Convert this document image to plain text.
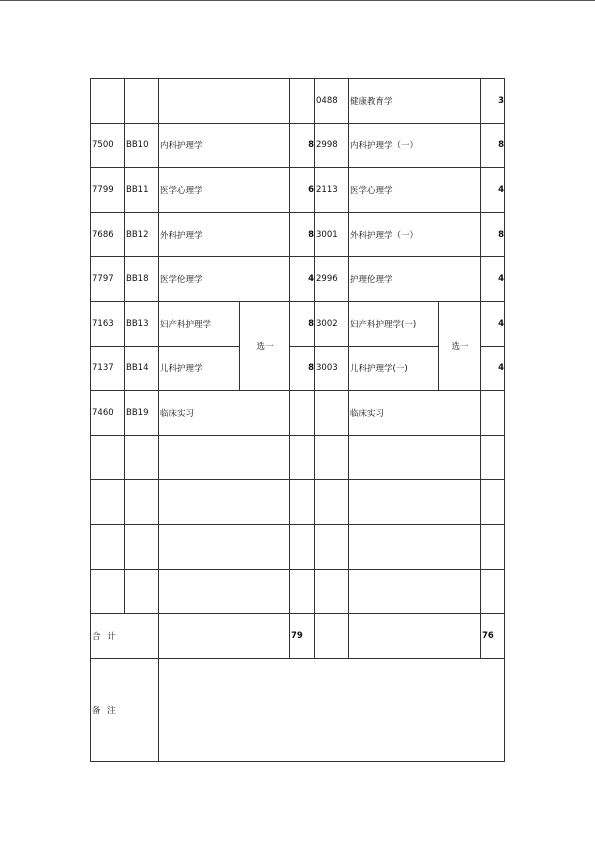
					0488	健康教育学		3
7500	BB10	内科护理学		8	2998	内科护理学（一）		8
7799	BB11	医学心理学		6	2113	医学心理学		4
7686	BB12	外科护理学		8	3001	外科护理学（一）		8
7797	BB18	医学伦理学		4	2996	护理伦理学		4
7163	BB13	妇产科护理学	选一	8	3002	妇产科护理学(一)	选一	4
7137	BB14	儿科护理学		8	3003	儿科护理学(一)		4
7460	BB19	临床实习				临床实习		

合 计				79				76
备 注								
